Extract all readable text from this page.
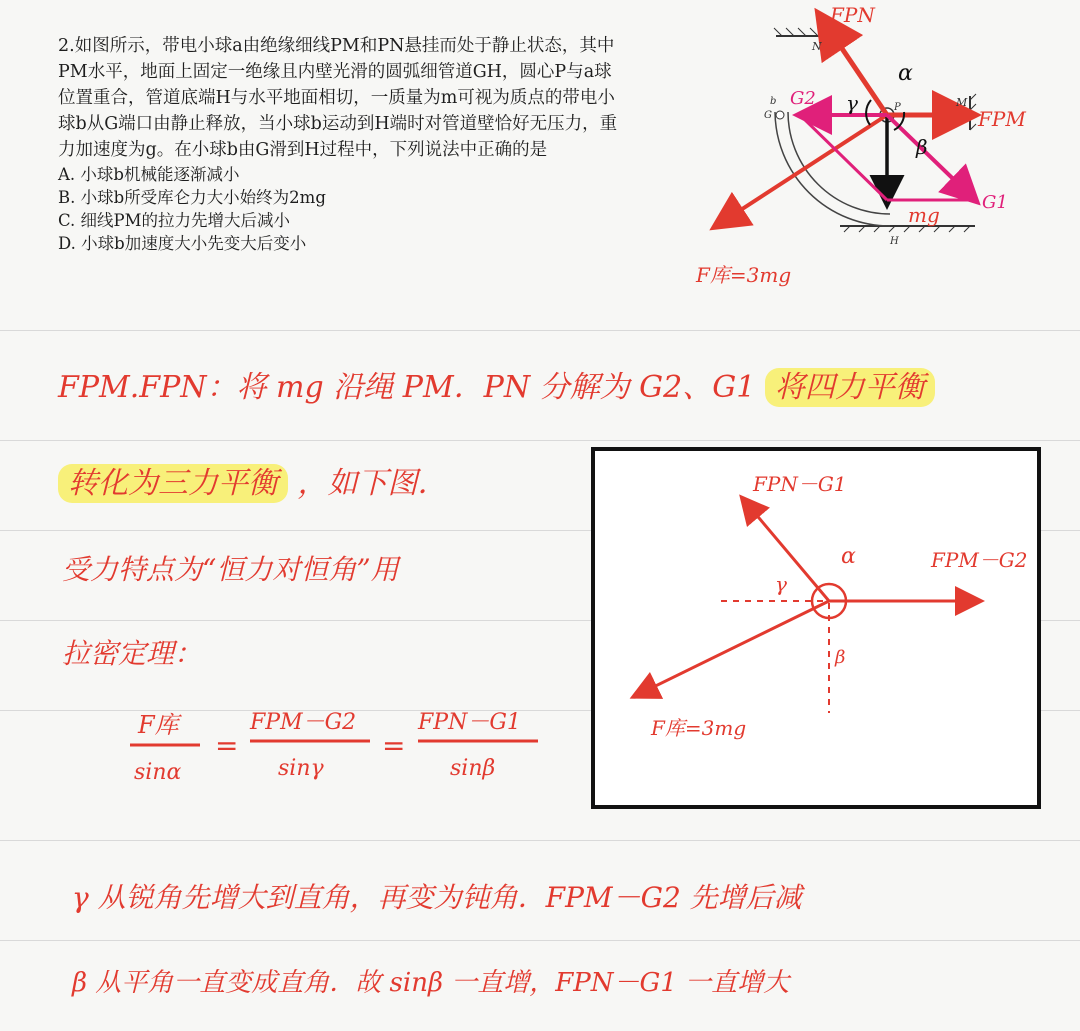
2.如图所示，带电小球a由绝缘细线PM和PN悬挂而处于静止状态，其中

PM水平，地面上固定一绝缘且内壁光滑的圆弧细管道GH，圆心P与a球

位置重合，管道底端H与水平地面相切，一质量为m可视为质点的带电小

球b从G端口由静止释放，当小球b运动到H端时对管道壁恰好无压力，重

力加速度为g。在小球b由G滑到H过程中，下列说法中正确的是

A. 小球b机械能逐渐减小

B. 小球b所受库仑力大小始终为2mg

C. 细线PM的拉力先增大后减小

D. 小球b加速度大小先变大后变小

FPN
FPM
N
M
P
G
b
H
G2
G1
mg
α
β
γ
F库=3mg
FPM.FPN：将 mg 沿绳 PM．PN 分解为 G2、G1 将四力平衡
转化为三力平衡 ，如下图．
受力特点为“恒力对恒角”用
拉密定理：
F库
sinα
=
FPM－G2
sinγ
=
FPN－G1
sinβ
FPN－G1
FPM－G2
F库=3mg
α
β
γ
γ 从锐角先增大到直角，再变为钝角．FPM－G2 先增后减
β 从平角一直变成直角．故 sinβ 一直增，FPN－G1 一直增大
